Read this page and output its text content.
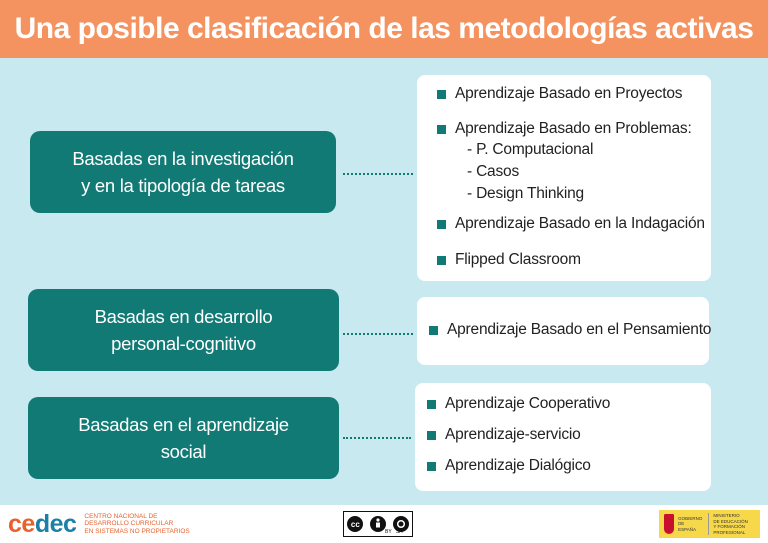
Una posible clasificación de las metodologías activas
Basadas en la investigación
y en la tipología de tareas
Aprendizaje Basado en Proyectos
Aprendizaje Basado en Problemas:
- P. Computacional
- Casos
- Design Thinking
Aprendizaje Basado en la Indagación
Flipped Classroom
Basadas en desarrollo
personal-cognitivo
Aprendizaje Basado en el Pensamiento
Basadas en el aprendizaje
social
Aprendizaje Cooperativo
Aprendizaje-servicio
Aprendizaje Dialógico
cedec CENTRO NACIONAL DE
DESARROLLO CURRICULAR
EN SISTEMAS NO PROPIETARIOS
cc
BY SA
GOBIERNO
DE ESPAÑA
MINISTERIO
DE EDUCACIÓN
Y FORMACIÓN PROFESIONAL
